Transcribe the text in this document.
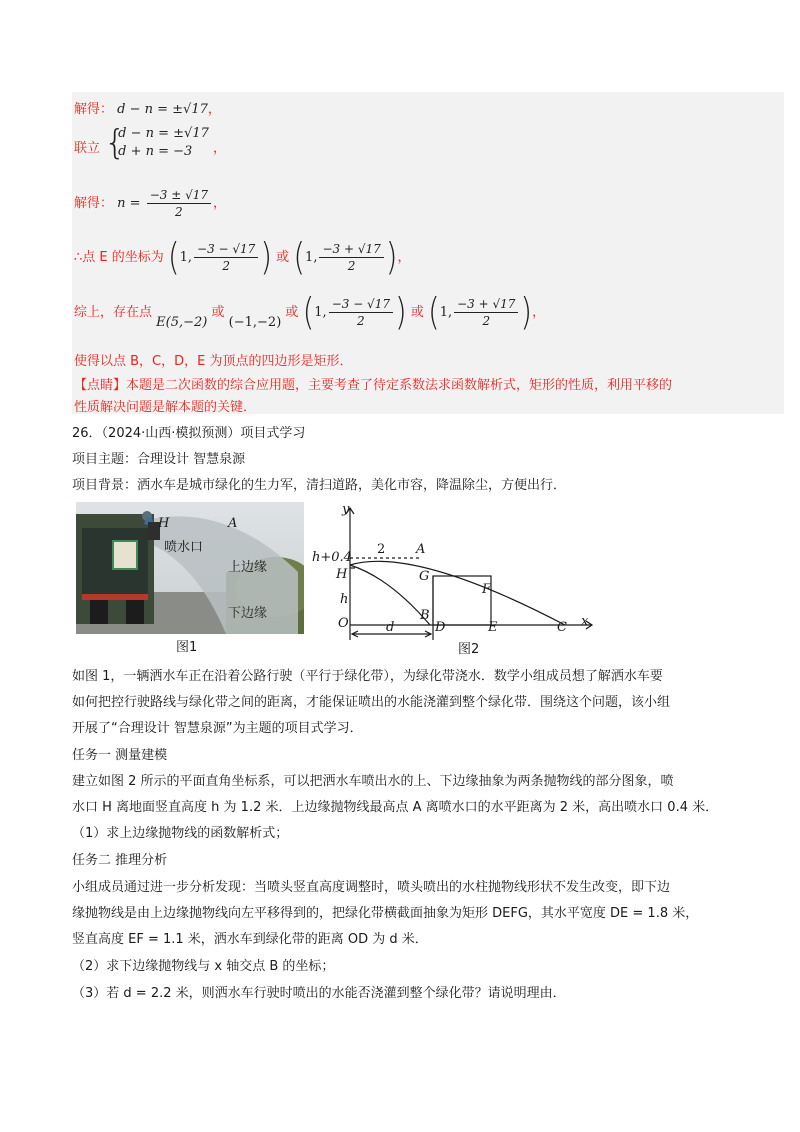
解得： d − n = ±√17，
联立 {
d − n = ±√17
d + n = −3	，
解得： $n = \frac{-3 \pm √17}{2}$ ，
∴点 E 的坐标为 (1, $\frac{-3 - √17}{2}$ ) 或 (1, $\frac{-3 + √17}{2}$ )，
综上，存在点 E(5,−2) 或 (−1,−2) 或 (1, $\frac{-3 - √17}{2}$ ) 或 (1, $\frac{-3 + √17}{2}$ )，
使得以点 B，C，D，E 为顶点的四边形是矩形．
【点睛】本题是二次函数的综合应用题，主要考查了待定系数法求函数解析式，矩形的性质，利用平移的
性质解决问题是解本题的关键．
26．（2024·山西·模拟预测）项目式学习
项目主题：合理设计 智慧泉源
项目背景：洒水车是城市绿化的生力军，清扫道路，美化市容，降温除尘，方便出行．
H	A
喷水口
上边缘
下边缘
图1
y
x
h+0.4
H
h
O
2 A
G
F
B
D	E	C
d
图2
如图 1，一辆洒水车正在沿着公路行驶（平行于绿化带），为绿化带浇水．数学小组成员想了解洒水车要
如何把控行驶路线与绿化带之间的距离，才能保证喷出的水能浇灌到整个绿化带．围绕这个问题，该小组
开展了“合理设计 智慧泉源”为主题的项目式学习．
任务一 测量建模
建立如图 2 所示的平面直角坐标系，可以把洒水车喷出水的上、下边缘抽象为两条抛物线的部分图象，喷
水口 H 离地面竖直高度 h 为 1.2 米．上边缘抛物线最高点 A 离喷水口的水平距离为 2 米，高出喷水口 0.4 米．
（1）求上边缘抛物线的函数解析式；
任务二 推理分析
小组成员通过进一步分析发现：当喷头竖直高度调整时，喷头喷出的水柱抛物线形状不发生改变，即下边
缘抛物线是由上边缘抛物线向左平移得到的，把绿化带横截面抽象为矩形 DEFG，其水平宽度 DE = 1.8 米，
竖直高度 EF = 1.1 米，洒水车到绿化带的距离 OD 为 d 米．
（2）求下边缘抛物线与 x 轴交点 B 的坐标；
（3）若 d = 2.2 米，则洒水车行驶时喷出的水能否浇灌到整个绿化带？请说明理由．
